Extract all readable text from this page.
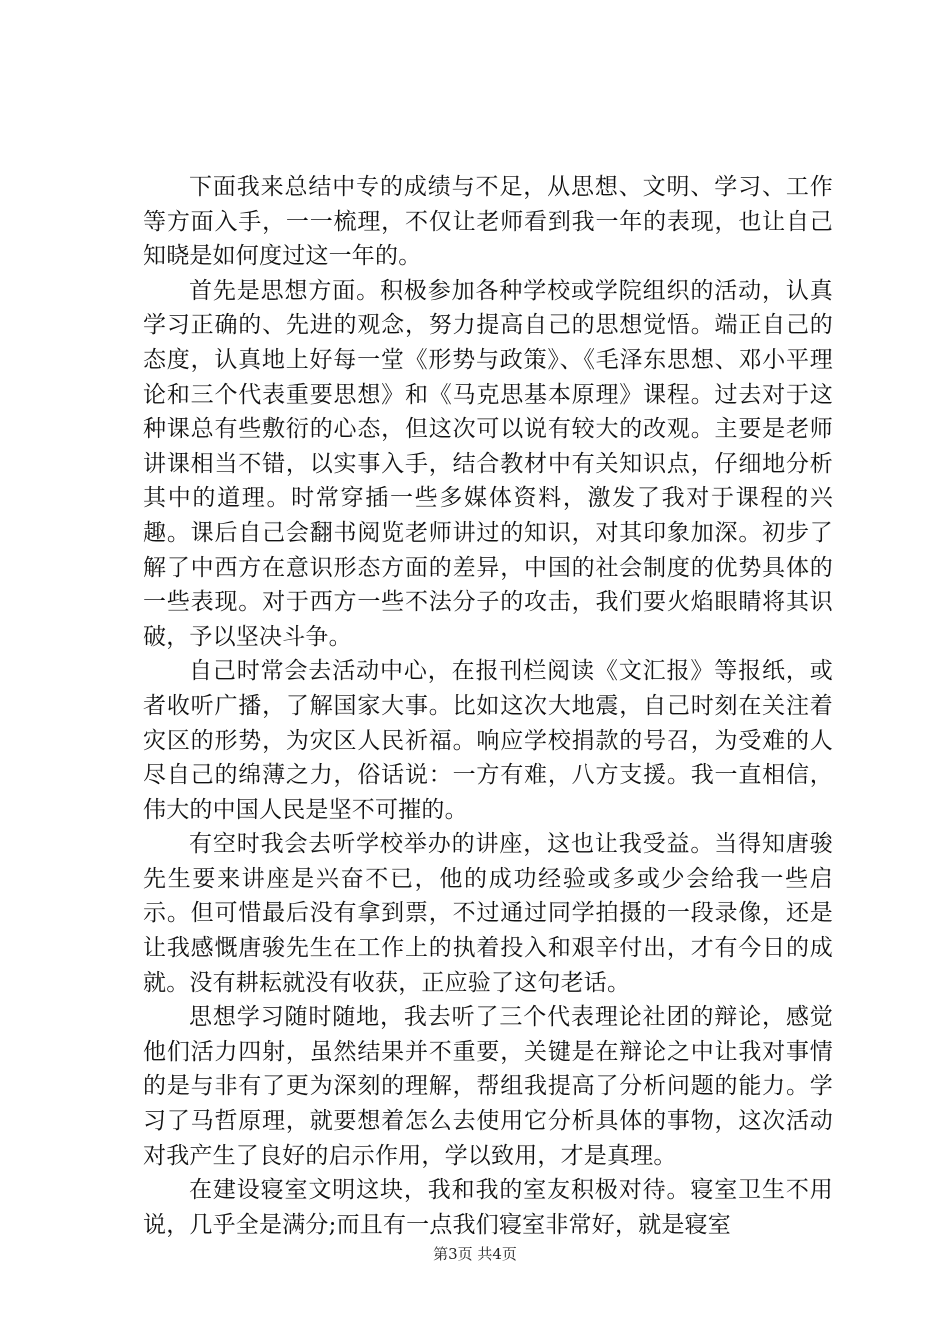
下面我来总结中专的成绩与不足，从思想、文明、学习、工作等方面入手，一一梳理，不仅让老师看到我一年的表现，也让自己知晓是如何度过这一年的。

首先是思想方面。积极参加各种学校或学院组织的活动，认真学习正确的、先进的观念，努力提高自己的思想觉悟。端正自己的态度，认真地上好每一堂《形势与政策》、《毛泽东思想、邓小平理论和三个代表重要思想》和《马克思基本原理》课程。过去对于这种课总有些敷衍的心态，但这次可以说有较大的改观。主要是老师讲课相当不错，以实事入手，结合教材中有关知识点，仔细地分析其中的道理。时常穿插一些多媒体资料，激发了我对于课程的兴趣。课后自己会翻书阅览老师讲过的知识，对其印象加深。初步了解了中西方在意识形态方面的差异，中国的社会制度的优势具体的一些表现。对于西方一些不法分子的攻击，我们要火焰眼睛将其识破，予以坚决斗争。

自己时常会去活动中心，在报刊栏阅读《文汇报》等报纸，或者收听广播，了解国家大事。比如这次大地震，自己时刻在关注着灾区的形势，为灾区人民祈福。响应学校捐款的号召，为受难的人尽自己的绵薄之力，俗话说：一方有难，八方支援。我一直相信，伟大的中国人民是坚不可摧的。

有空时我会去听学校举办的讲座，这也让我受益。当得知唐骏先生要来讲座是兴奋不已，他的成功经验或多或少会给我一些启示。但可惜最后没有拿到票，不过通过同学拍摄的一段录像，还是让我感慨唐骏先生在工作上的执着投入和艰辛付出，才有今日的成就。没有耕耘就没有收获，正应验了这句老话。

思想学习随时随地，我去听了三个代表理论社团的辩论，感觉他们活力四射，虽然结果并不重要，关键是在辩论之中让我对事情的是与非有了更为深刻的理解，帮组我提高了分析问题的能力。学习了马哲原理，就要想着怎么去使用它分析具体的事物，这次活动对我产生了良好的启示作用，学以致用，才是真理。

在建设寝室文明这块，我和我的室友积极对待。寝室卫生不用说，几乎全是满分;而且有一点我们寝室非常好，就是寝室

第3页 共4页
